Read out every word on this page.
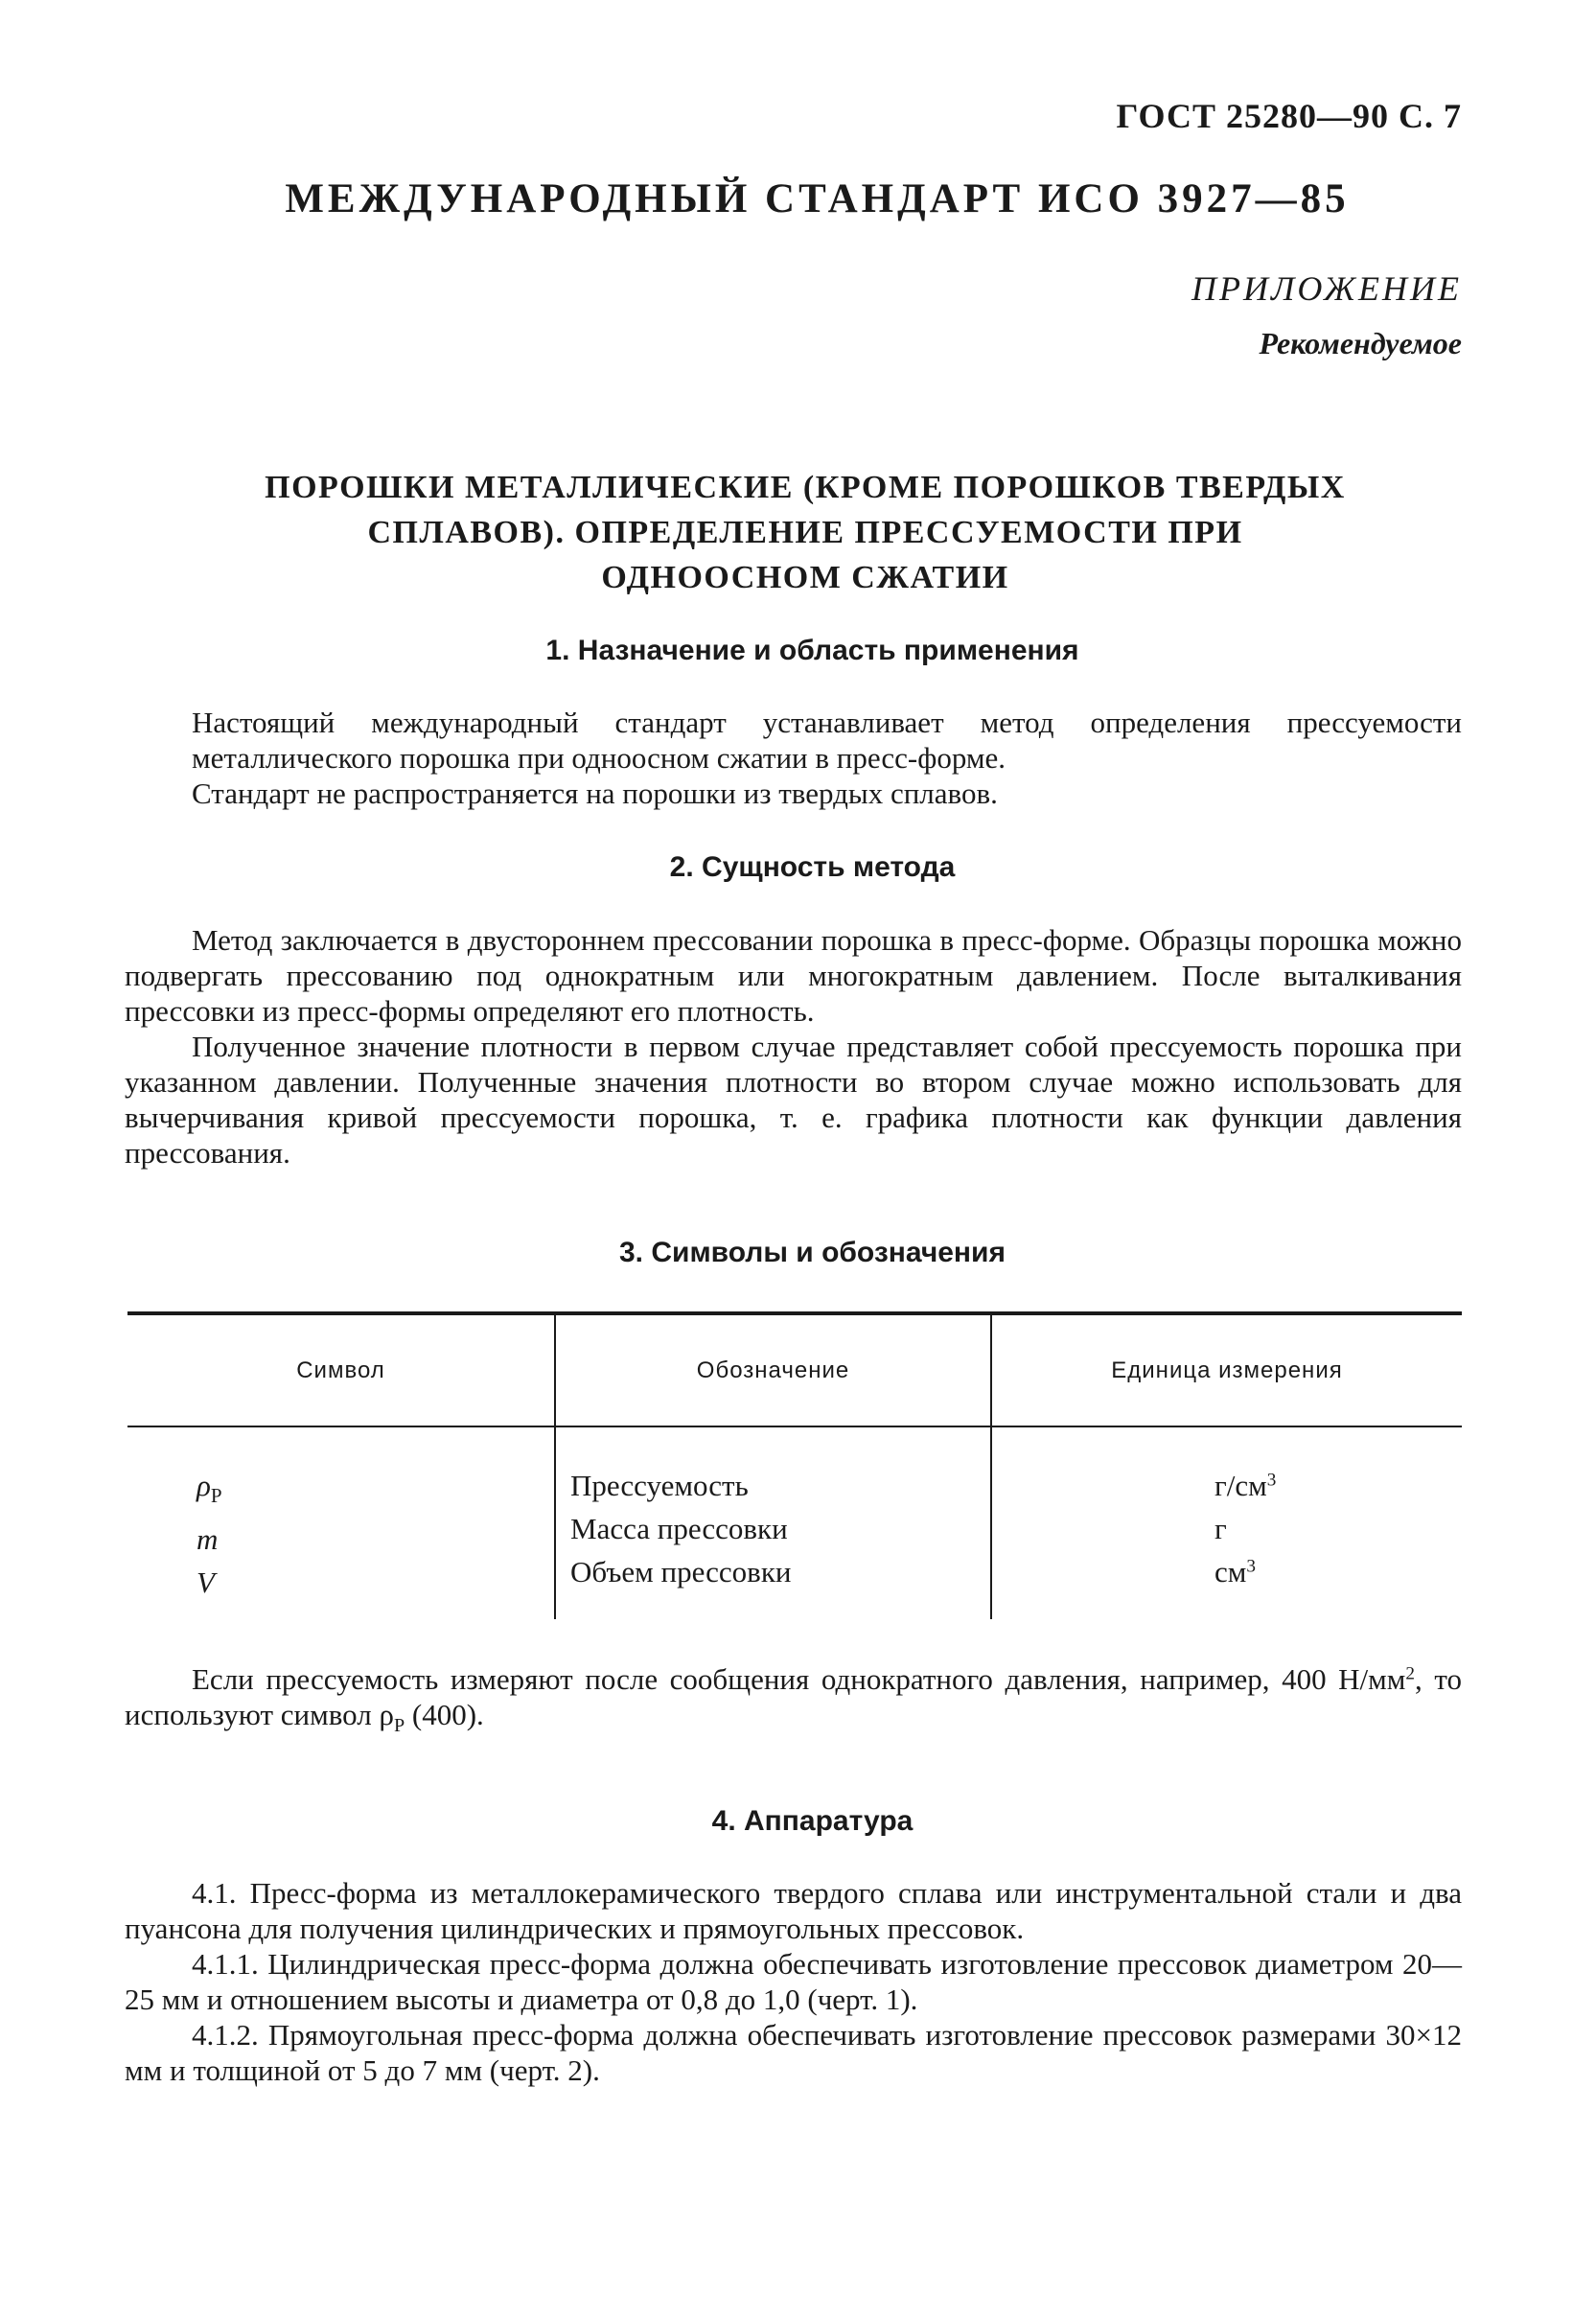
ГОСТ 25280—90 С. 7
МЕЖДУНАРОДНЫЙ СТАНДАРТ ИСО 3927—85
ПРИЛОЖЕНИЕ
Рекомендуемое
ПОРОШКИ МЕТАЛЛИЧЕСКИЕ (КРОМЕ ПОРОШКОВ ТВЕРДЫХ
СПЛАВОВ). ОПРЕДЕЛЕНИЕ ПРЕССУЕМОСТИ ПРИ
ОДНООСНОМ СЖАТИИ
1. Назначение и область применения

Настоящий международный стандарт устанавливает метод определения прессуемости металлического порошка при одноосном сжатии в пресс-форме.

Стандарт не распространяется на порошки из твердых сплавов.

2. Сущность метода

Метод заключается в двустороннем прессовании порошка в пресс-форме. Образцы порошка можно подвергать прессованию под однократным или многократным давлением. После выталкивания прессовки из пресс-формы определяют его плотность.

Полученное значение плотности в первом случае представляет собой прессуемость порошка при указанном давлении. Полученные значения плотности во втором случае можно использовать для вычерчивания кривой прессуемости порошка, т. е. графика плотности как функции давления прессования.

3. Символы и обозначения
Символ	Обозначение	Единица измерения
$\rho_P$
m
V
Прессуемость
Масса прессовки
Объем прессовки
$г/см^3$
г
$см^3$

Если прессуемость измеряют после сообщения однократного давления, например, 400 $Н/мм^2$, то используют символ $\rho_P$ (400).

4. Аппаратура

4.1. Пресс-форма из металлокерамического твердого сплава или инструментальной стали и два пуансона для получения цилиндрических и прямоугольных прессовок.

4.1.1. Цилиндрическая пресс-форма должна обеспечивать изготовление прессовок диаметром 20—25 мм и отношением высоты и диаметра от 0,8 до 1,0 (черт. 1).

4.1.2. Прямоугольная пресс-форма должна обеспечивать изготовление прессовок размерами 30×12 мм и толщиной от 5 до 7 мм (черт. 2).
